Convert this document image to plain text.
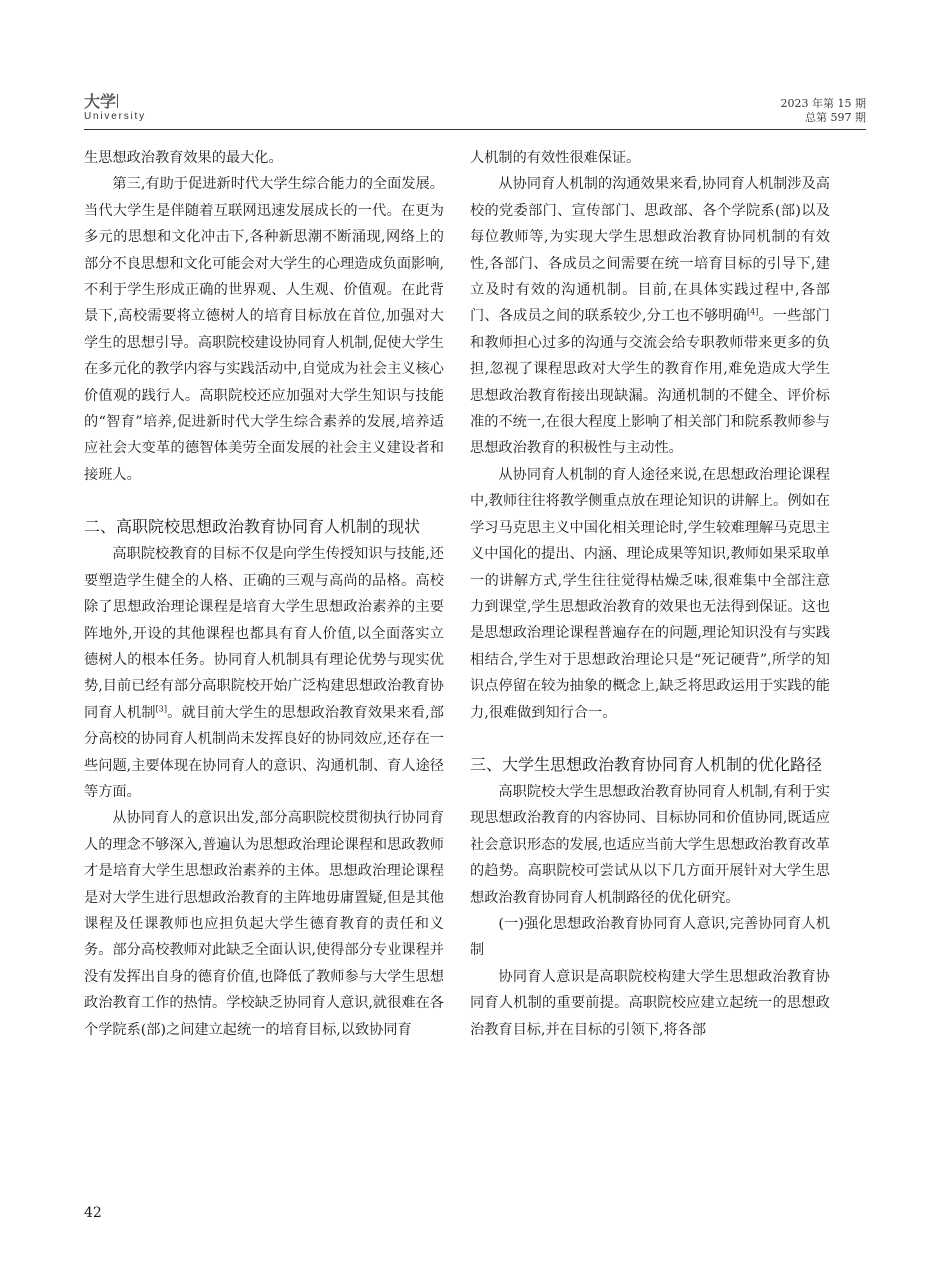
大学
University
2023 年第 15 期
总第 597 期

生思想政治教育效果的最大化。

第三,有助于促进新时代大学生综合能力的全面发展。当代大学生是伴随着互联网迅速发展成长的一代。在更为多元的思想和文化冲击下,各种新思潮不断涌现,网络上的部分不良思想和文化可能会对大学生的心理造成负面影响,不利于学生形成正确的世界观、人生观、价值观。在此背景下,高校需要将立德树人的培育目标放在首位,加强对大学生的思想引导。高职院校建设协同育人机制,促使大学生在多元化的教学内容与实践活动中,自觉成为社会主义核心价值观的践行人。高职院校还应加强对大学生知识与技能的“智育”培养,促进新时代大学生综合素养的发展,培养适应社会大变革的德智体美劳全面发展的社会主义建设者和接班人。

二、高职院校思想政治教育协同育人机制的现状

高职院校教育的目标不仅是向学生传授知识与技能,还要塑造学生健全的人格、正确的三观与高尚的品格。高校除了思想政治理论课程是培育大学生思想政治素养的主要阵地外,开设的其他课程也都具有育人价值,以全面落实立德树人的根本任务。协同育人机制具有理论优势与现实优势,目前已经有部分高职院校开始广泛构建思想政治教育协同育人机制[3]。就目前大学生的思想政治教育效果来看,部分高校的协同育人机制尚未发挥良好的协同效应,还存在一些问题,主要体现在协同育人的意识、沟通机制、育人途径等方面。

从协同育人的意识出发,部分高职院校贯彻执行协同育人的理念不够深入,普遍认为思想政治理论课程和思政教师才是培育大学生思想政治素养的主体。思想政治理论课程是对大学生进行思想政治教育的主阵地毋庸置疑,但是其他课程及任课教师也应担负起大学生德育教育的责任和义务。部分高校教师对此缺乏全面认识,使得部分专业课程并没有发挥出自身的德育价值,也降低了教师参与大学生思想政治教育工作的热情。学校缺乏协同育人意识,就很难在各个学院系(部)之间建立起统一的培育目标,以致协同育

人机制的有效性很难保证。

从协同育人机制的沟通效果来看,协同育人机制涉及高校的党委部门、宣传部门、思政部、各个学院系(部)以及每位教师等,为实现大学生思想政治教育协同机制的有效性,各部门、各成员之间需要在统一培育目标的引导下,建立及时有效的沟通机制。目前,在具体实践过程中,各部门、各成员之间的联系较少,分工也不够明确[4]。一些部门和教师担心过多的沟通与交流会给专职教师带来更多的负担,忽视了课程思政对大学生的教育作用,难免造成大学生思想政治教育衔接出现缺漏。沟通机制的不健全、评价标准的不统一,在很大程度上影响了相关部门和院系教师参与思想政治教育的积极性与主动性。

从协同育人机制的育人途径来说,在思想政治理论课程中,教师往往将教学侧重点放在理论知识的讲解上。例如在学习马克思主义中国化相关理论时,学生较难理解马克思主义中国化的提出、内涵、理论成果等知识,教师如果采取单一的讲解方式,学生往往觉得枯燥乏味,很难集中全部注意力到课堂,学生思想政治教育的效果也无法得到保证。这也是思想政治理论课程普遍存在的问题,理论知识没有与实践相结合,学生对于思想政治理论只是“死记硬背”,所学的知识点停留在较为抽象的概念上,缺乏将思政运用于实践的能力,很难做到知行合一。

三、大学生思想政治教育协同育人机制的优化路径

高职院校大学生思想政治教育协同育人机制,有利于实现思想政治教育的内容协同、目标协同和价值协同,既适应社会意识形态的发展,也适应当前大学生思想政治教育改革的趋势。高职院校可尝试从以下几方面开展针对大学生思想政治教育协同育人机制路径的优化研究。

(一)强化思想政治教育协同育人意识,完善协同育人机制

协同育人意识是高职院校构建大学生思想政治教育协同育人机制的重要前提。高职院校应建立起统一的思想政治教育目标,并在目标的引领下,将各部

42
